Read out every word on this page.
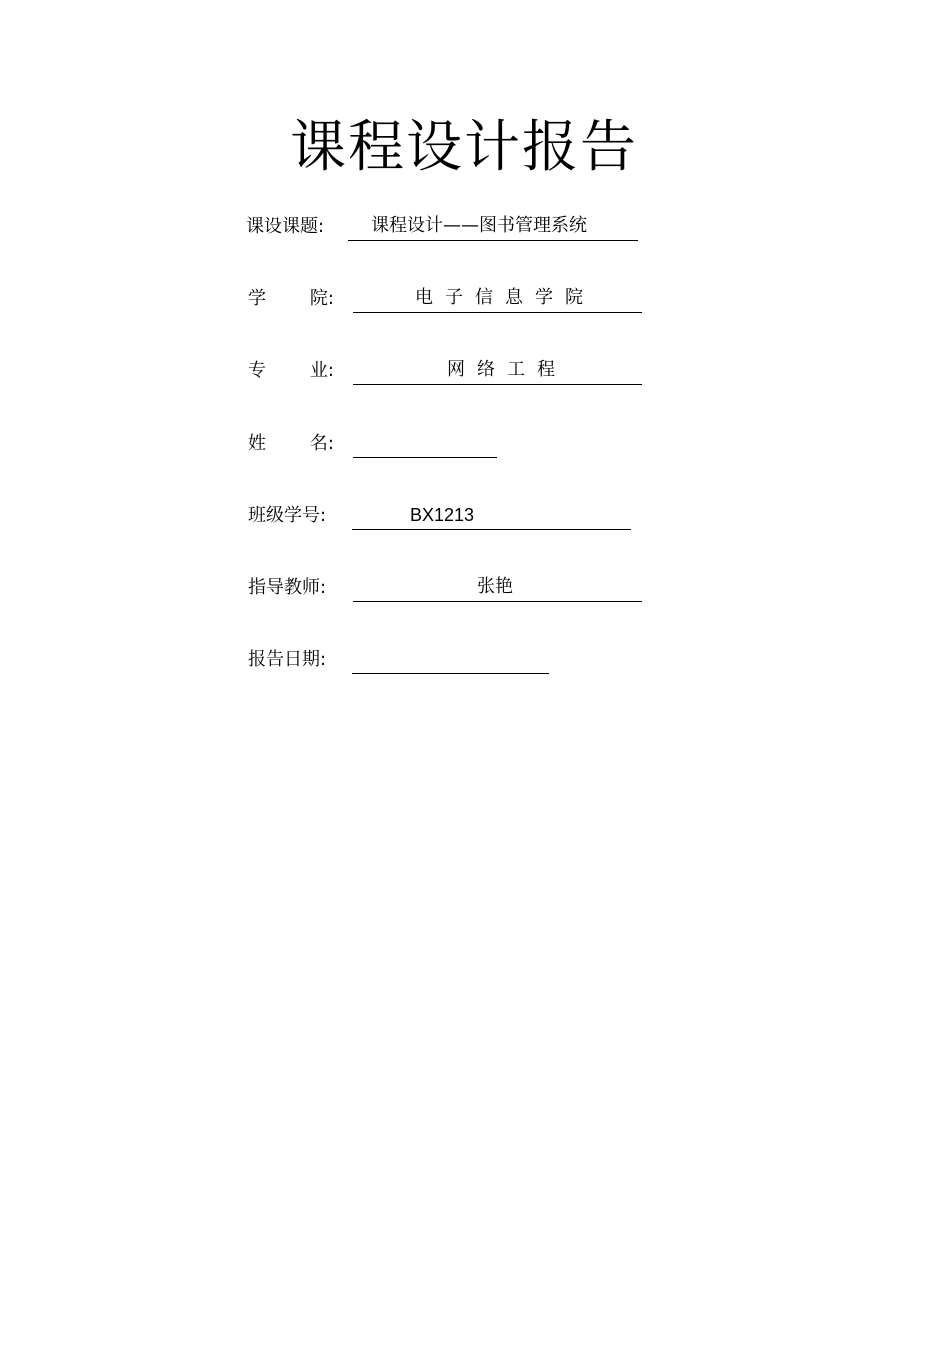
课程设计报告
课设课题:	课程设计——图书管理系统
学 院:	电子信息学院
专 业:	网络工程
姓 名:
班级学号:	BX1213
指导教师:	张艳
报告日期:
